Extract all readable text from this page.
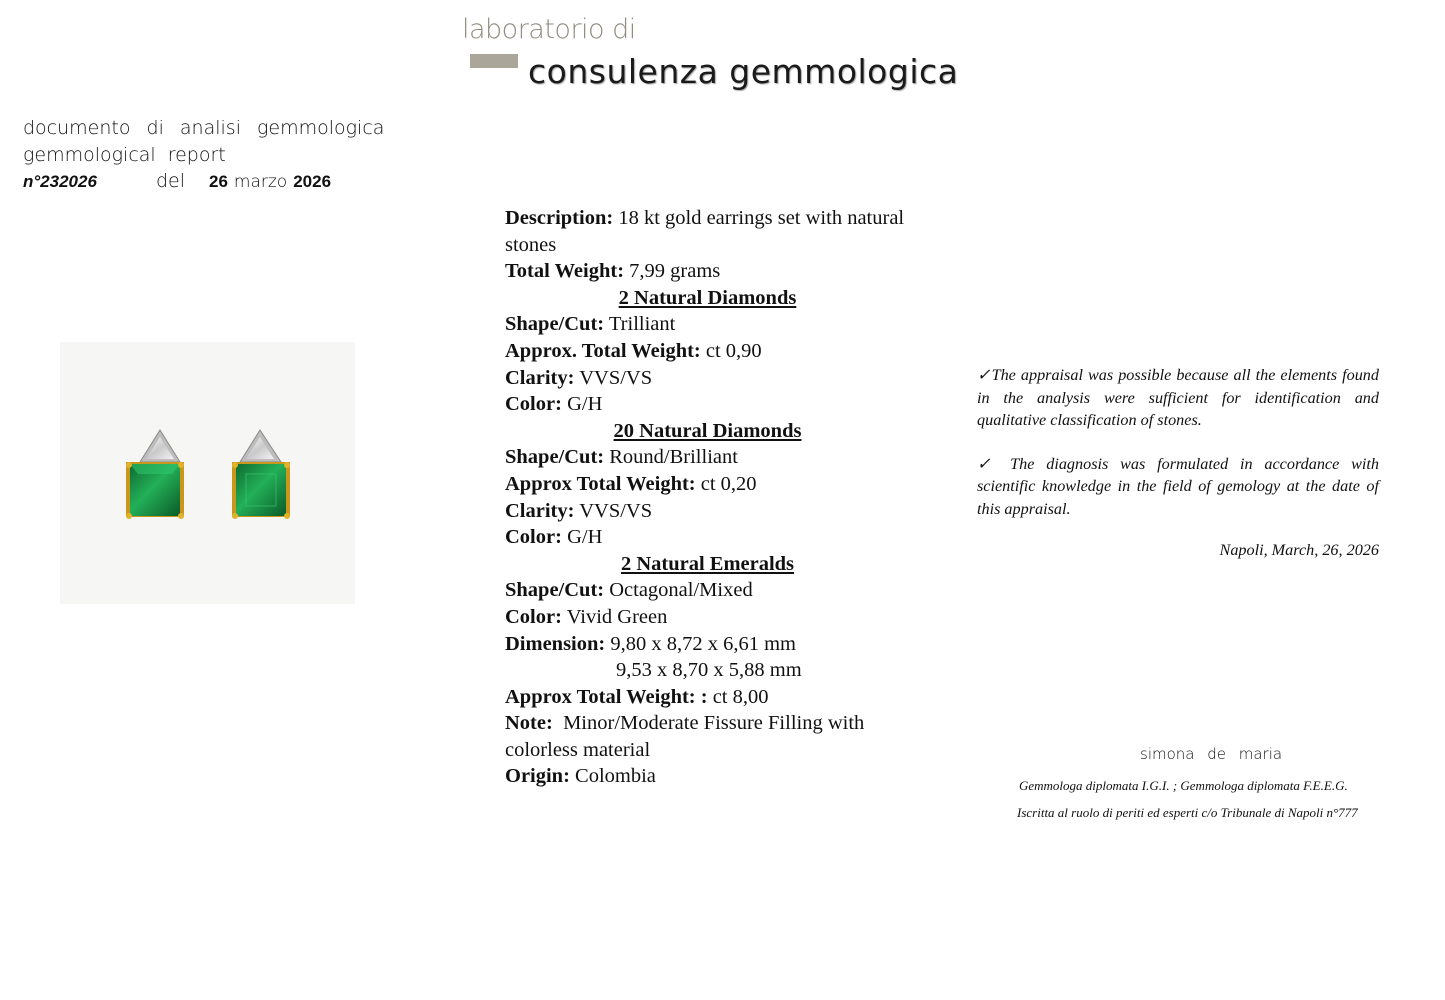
laboratorio di
consulenza gemmologica
documento di analisi gemmologica
gemmological report
n°232026	del 26 marzo 2026
Description: 18 kt gold earrings set with natural stones
Total Weight: 7,99 grams
2 Natural Diamonds
Shape/Cut: Trilliant
Approx. Total Weight: ct 0,90
Clarity: VVS/VS
Color: G/H
20 Natural Diamonds
Shape/Cut: Round/Brilliant
Approx Total Weight: ct 0,20
Clarity: VVS/VS
Color: G/H
2 Natural Emeralds
Shape/Cut: Octagonal/Mixed
Color: Vivid Green
Dimension: 9,80 x 8,72 x 6,61 mm
9,53 x 8,70 x 5,88 mm
Approx Total Weight: : ct 8,00
Note: Minor/Moderate Fissure Filling with colorless material
Origin: Colombia

✓The appraisal was possible because all the elements found in the analysis were sufficient for identification and qualitative classification of stones.

✓ The diagnosis was formulated in accordance with scientific knowledge in the field of gemology at the date of this appraisal.

Napoli, March, 26, 2026

simona de maria
Gemmologa diplomata I.G.I. ; Gemmologa diplomata F.E.E.G.
Iscritta al ruolo di periti ed esperti c/o Tribunale di Napoli n°777
